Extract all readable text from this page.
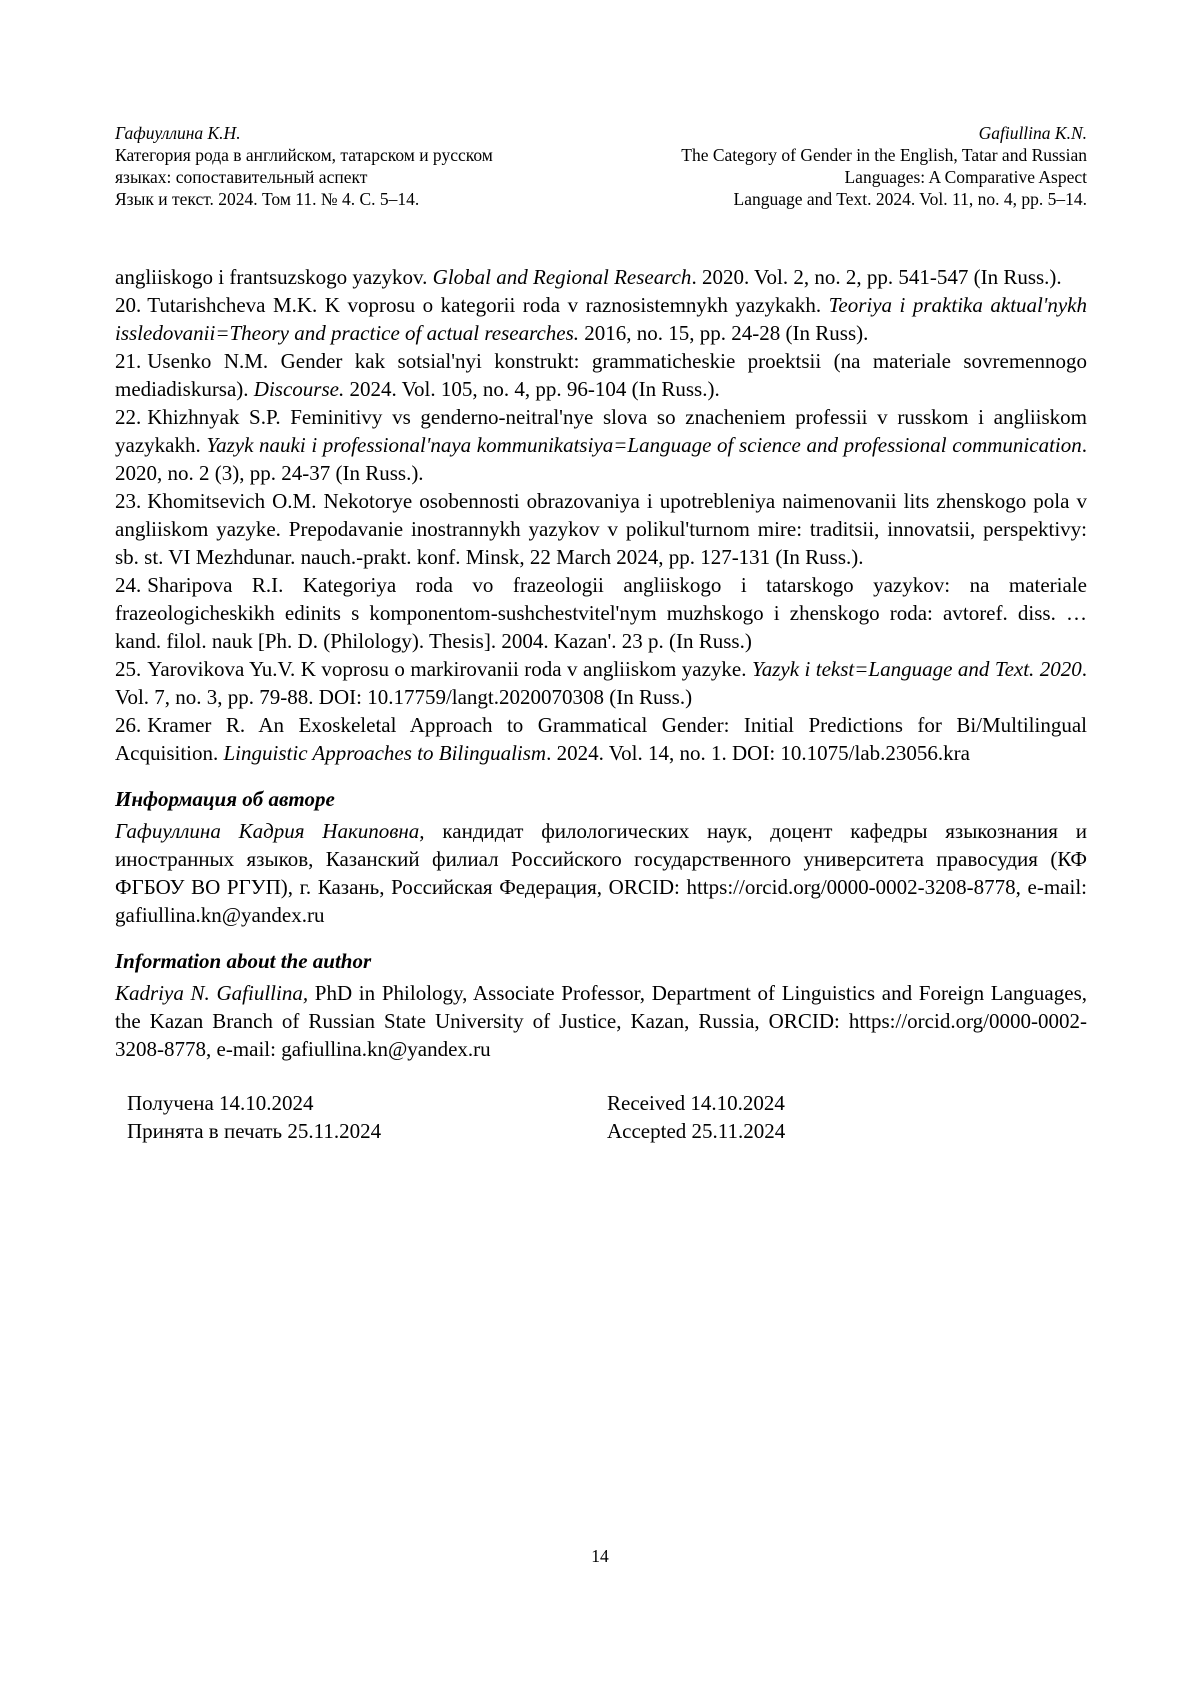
Гафиуллина К.Н.
Категория рода в английском, татарском и русском
языках: сопоставительный аспект
Язык и текст. 2024. Том 11. № 4. С. 5–14.
Gafiullina K.N.
The Category of Gender in the English, Tatar and Russian
Languages: A Comparative Aspect
Language and Text. 2024. Vol. 11, no. 4, pp. 5–14.

angliiskogo i frantsuzskogo yazykov. Global and Regional Research. 2020. Vol. 2, no. 2, pp. 541-547 (In Russ.).

20. Tutarishcheva M.K. K voprosu o kategorii roda v raznosistemnykh yazykakh. Teoriya i praktika aktual'nykh issledovanii=Theory and practice of actual researches. 2016, no. 15, pp. 24-28 (In Russ).

21. Usenko N.M. Gender kak sotsial'nyi konstrukt: grammaticheskie proektsii (na materiale sovremennogo mediadiskursa). Discourse. 2024. Vol. 105, no. 4, pp. 96-104 (In Russ.).

22. Khizhnyak S.P. Feminitivy vs genderno-neitral'nye slova so znacheniem professii v russkom i angliiskom yazykakh. Yazyk nauki i professional'naya kommunikatsiya=Language of science and professional communication. 2020, no. 2 (3), pp. 24-37 (In Russ.).

23. Khomitsevich O.M. Nekotorye osobennosti obrazovaniya i upotrebleniya naimenovanii lits zhenskogo pola v angliiskom yazyke. Prepodavanie inostrannykh yazykov v polikul'turnom mire: traditsii, innovatsii, perspektivy: sb. st. VI Mezhdunar. nauch.-prakt. konf. Minsk, 22 March 2024, pp. 127-131 (In Russ.).

24. Sharipova R.I. Kategoriya roda vo frazeologii angliiskogo i tatarskogo yazykov: na materiale frazeologicheskikh edinits s komponentom-sushchestvitel'nym muzhskogo i zhenskogo roda: avtoref. diss. … kand. filol. nauk [Ph. D. (Philology). Thesis]. 2004. Kazan'. 23 p. (In Russ.)

25. Yarovikova Yu.V. K voprosu o markirovanii roda v angliiskom yazyke. Yazyk i tekst=Language and Text. 2020. Vol. 7, no. 3, pp. 79-88. DOI: 10.17759/langt.2020070308 (In Russ.)

26. Kramer R. An Exoskeletal Approach to Grammatical Gender: Initial Predictions for Bi/Multilingual Acquisition. Linguistic Approaches to Bilingualism. 2024. Vol. 14, no. 1. DOI: 10.1075/lab.23056.kra

Информация об авторе

Гафиуллина Кадрия Накиповна, кандидат филологических наук, доцент кафедры языкознания и иностранных языков, Казанский филиал Российского государственного университета правосудия (КФ ФГБОУ ВО РГУП), г. Казань, Российская Федерация, ORCID: https://orcid.org/0000-0002-3208-8778, e-mail: gafiullina.kn@yandex.ru

Information about the author

Kadriya N. Gafiullina, PhD in Philology, Associate Professor, Department of Linguistics and Foreign Languages, the Kazan Branch of Russian State University of Justice, Kazan, Russia, ORCID: https://orcid.org/0000-0002-3208-8778, e-mail: gafiullina.kn@yandex.ru

Получена 14.10.2024
Принята в печать 25.11.2024
Received 14.10.2024
Accepted 25.11.2024
14
